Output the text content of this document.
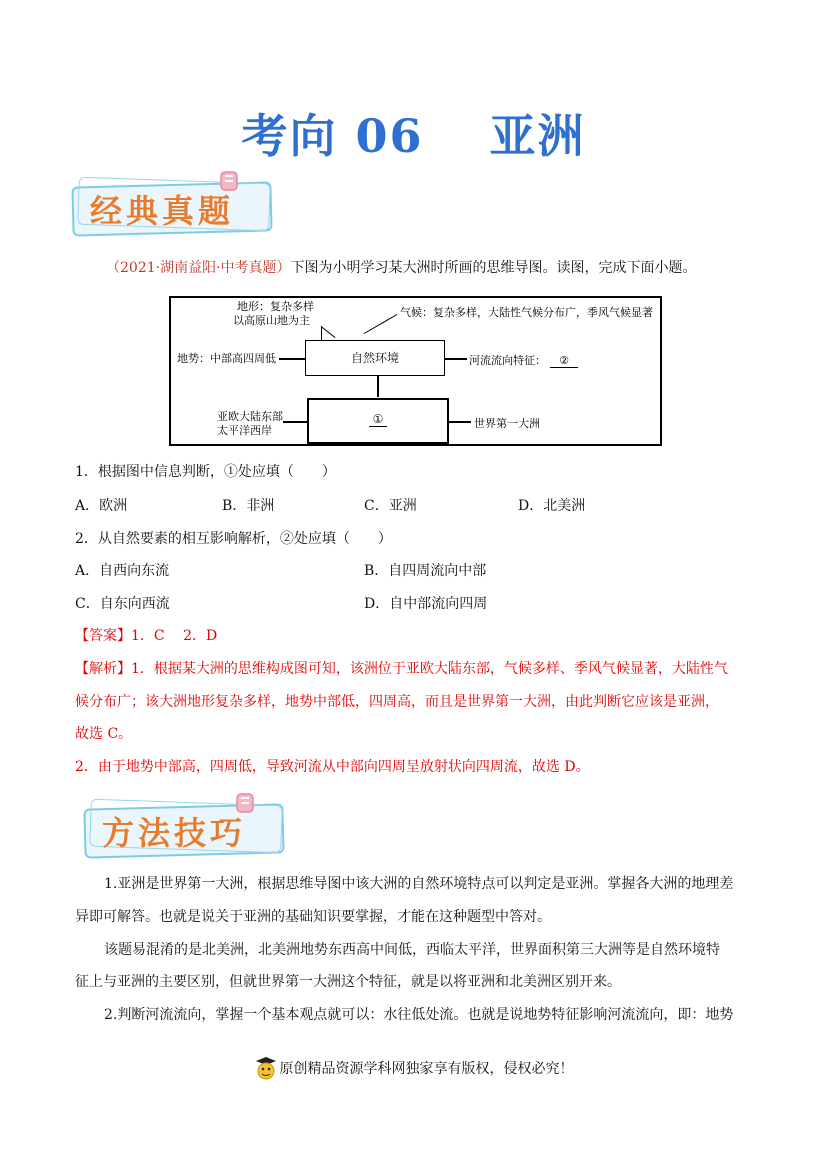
考向 06　 亚洲
经典真题
（2021·湖南益阳·中考真题）下图为小明学习某大洲时所画的思维导图。读图，完成下面小题。
地形：复杂多样
以高原山地为主
气候：复杂多样，大陆性气候分布广，季风气候显著
地势：中部高四周低	河流流向特征： ②
自然环境
①
亚欧大陆东部
太平洋西岸
世界第一大洲
1．根据图中信息判断，①处应填（　　）
A．欧洲	B．非洲	C．亚洲	D．北美洲
2．从自然要素的相互影响解析，②处应填（　　）
A．自西向东流	B．自四周流向中部
C．自东向西流	D．自中部流向四周
【答案】1．C　 2．D
【解析】1．根据某大洲的思维构成图可知，该洲位于亚欧大陆东部，气候多样、季风气候显著，大陆性气
候分布广；该大洲地形复杂多样，地势中部低，四周高，而且是世界第一大洲，由此判断它应该是亚洲，
故选 C。
2．由于地势中部高，四周低，导致河流从中部向四周呈放射状向四周流，故选 D。
方法技巧
1.亚洲是世界第一大洲，根据思维导图中该大洲的自然环境特点可以判定是亚洲。掌握各大洲的地理差
异即可解答。也就是说关于亚洲的基础知识要掌握，才能在这种题型中答对。
该题易混淆的是北美洲，北美洲地势东西高中间低，西临太平洋，世界面积第三大洲等是自然环境特
征上与亚洲的主要区别，但就世界第一大洲这个特征，就是以将亚洲和北美洲区别开来。
2.判断河流流向，掌握一个基本观点就可以：水往低处流。也就是说地势特征影响河流流向，即：地势
原创精品资源学科网独家享有版权，侵权必究！
